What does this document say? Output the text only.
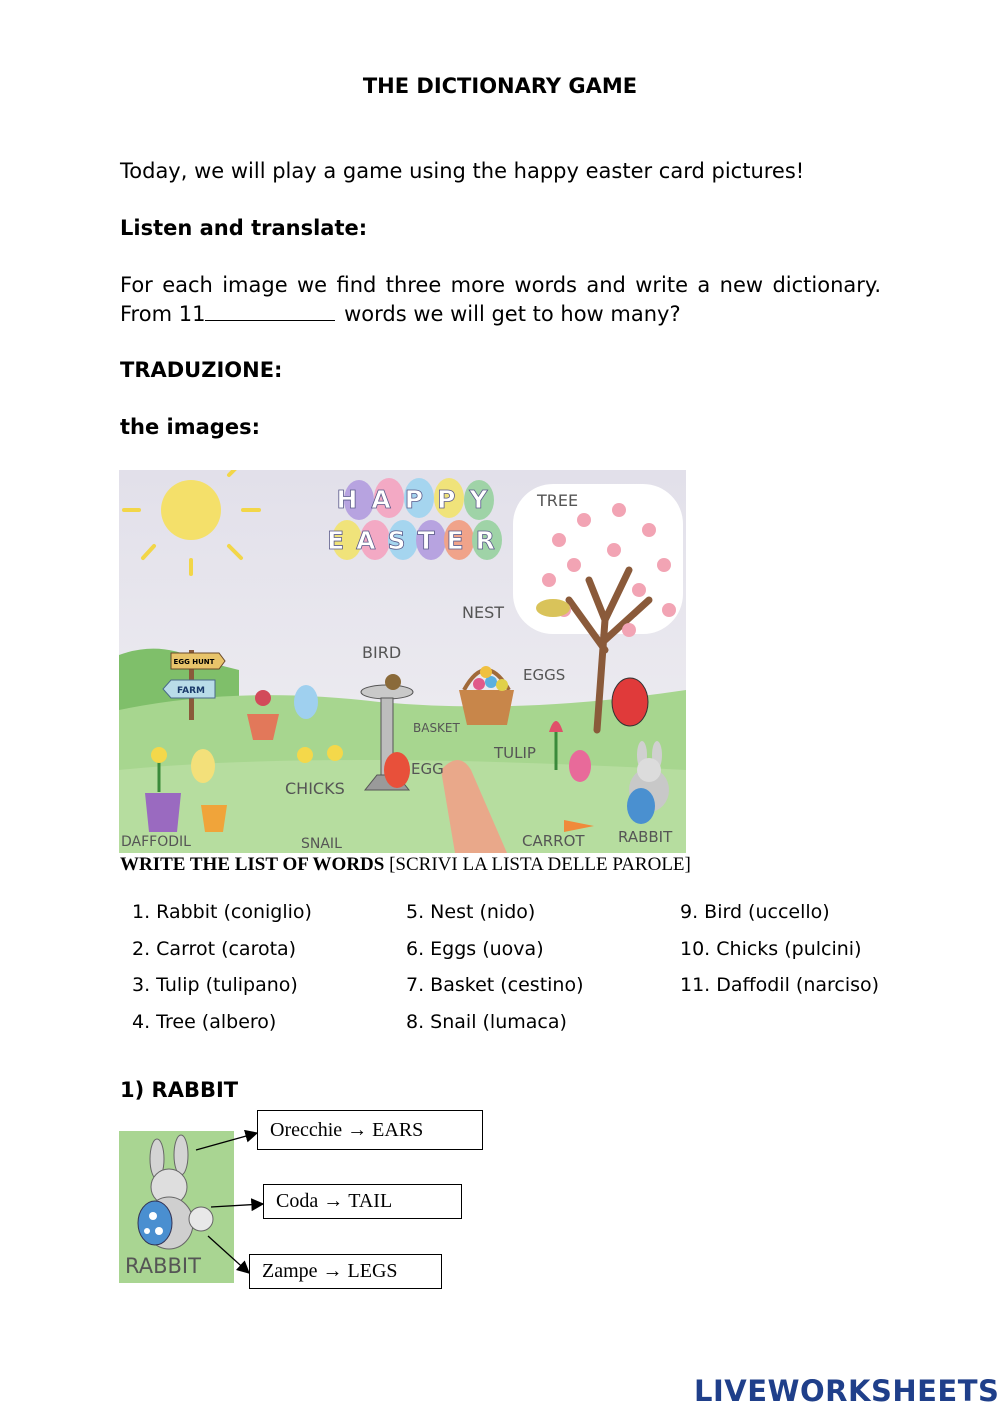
THE DICTIONARY GAME
Today, we will play a game using the happy easter card pictures!
Listen and translate:
For each image we find three more words and write a new dictionary.
From 11	words we will get to how many?
TRADUZIONE:
the images:
HAPPY
EASTER
EGG HUNT
FARM
TREE
NEST
BIRD
EGGS
BASKET
TULIP
EGG
CHICKS
DAFFODIL	SNAIL	CARROT RABBIT
WRITE THE LIST OF WORDS [SCRIVI LA LISTA DELLE PAROLE]
1. Rabbit (coniglio)
2. Carrot (carota)
3. Tulip (tulipano)
4. Tree (albero)
5. Nest (nido)
6. Eggs (uova)
7. Basket (cestino)
8. Snail (lumaca)
9. Bird (uccello)
10. Chicks (pulcini)
11. Daffodil (narciso)
1) RABBIT
RABBIT
Orecchie
→
EARS
Coda
→
TAIL
Zampe
→
LEGS
LIVEWORKSHEETS
